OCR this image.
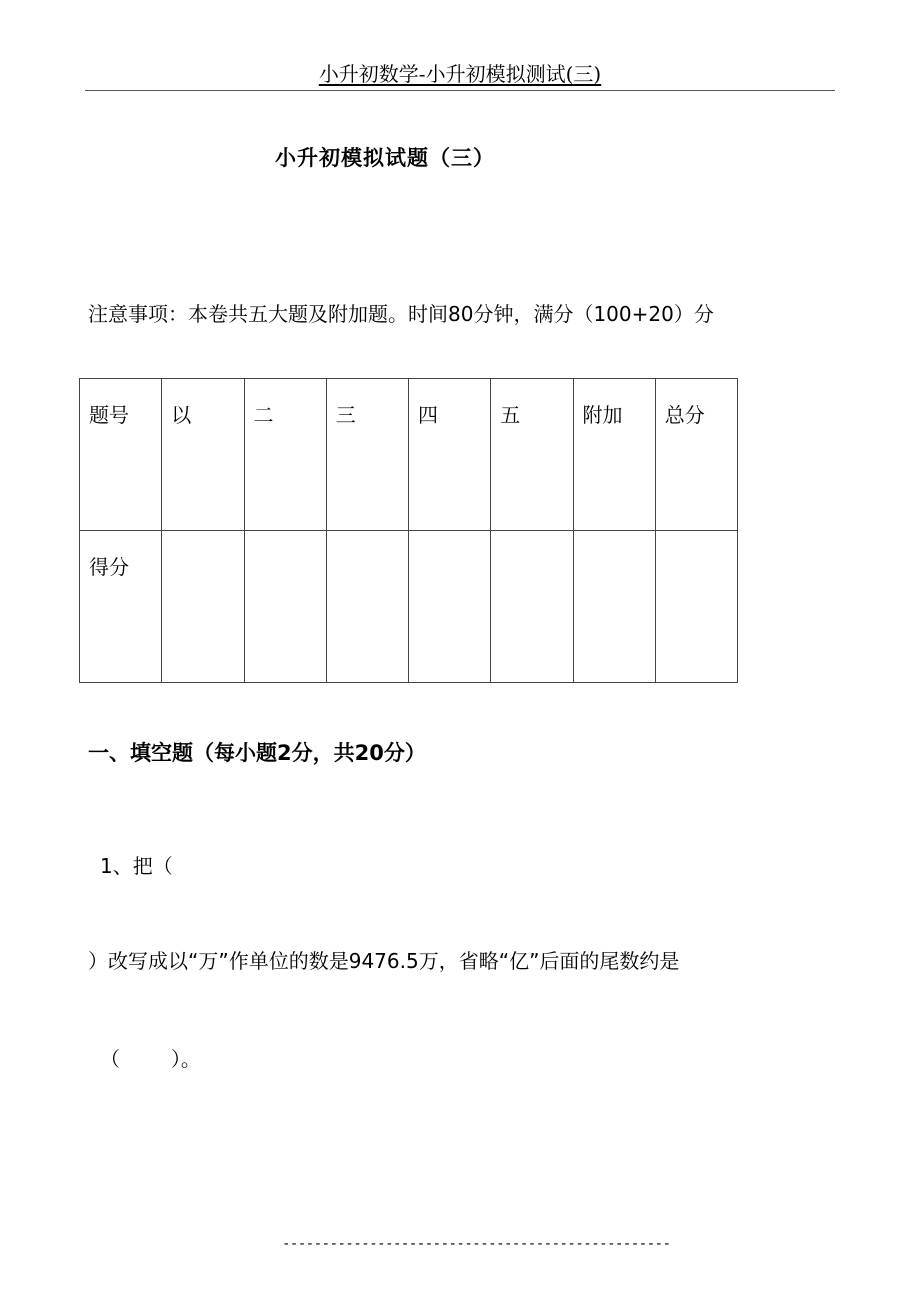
小升初数学-小升初模拟测试(三)
小升初模拟试题（三）
注意事项：本卷共五大题及附加题。时间80分钟，满分（100+20）分
题号	以	二	三	四	五	附加	总分
得分							
一、填空题（每小题2分，共20分）
1、把（
）改写成以“万”作单位的数是9476.5万，省略“亿”后面的尾数约是
（        ）。
-------------------------------------------------
